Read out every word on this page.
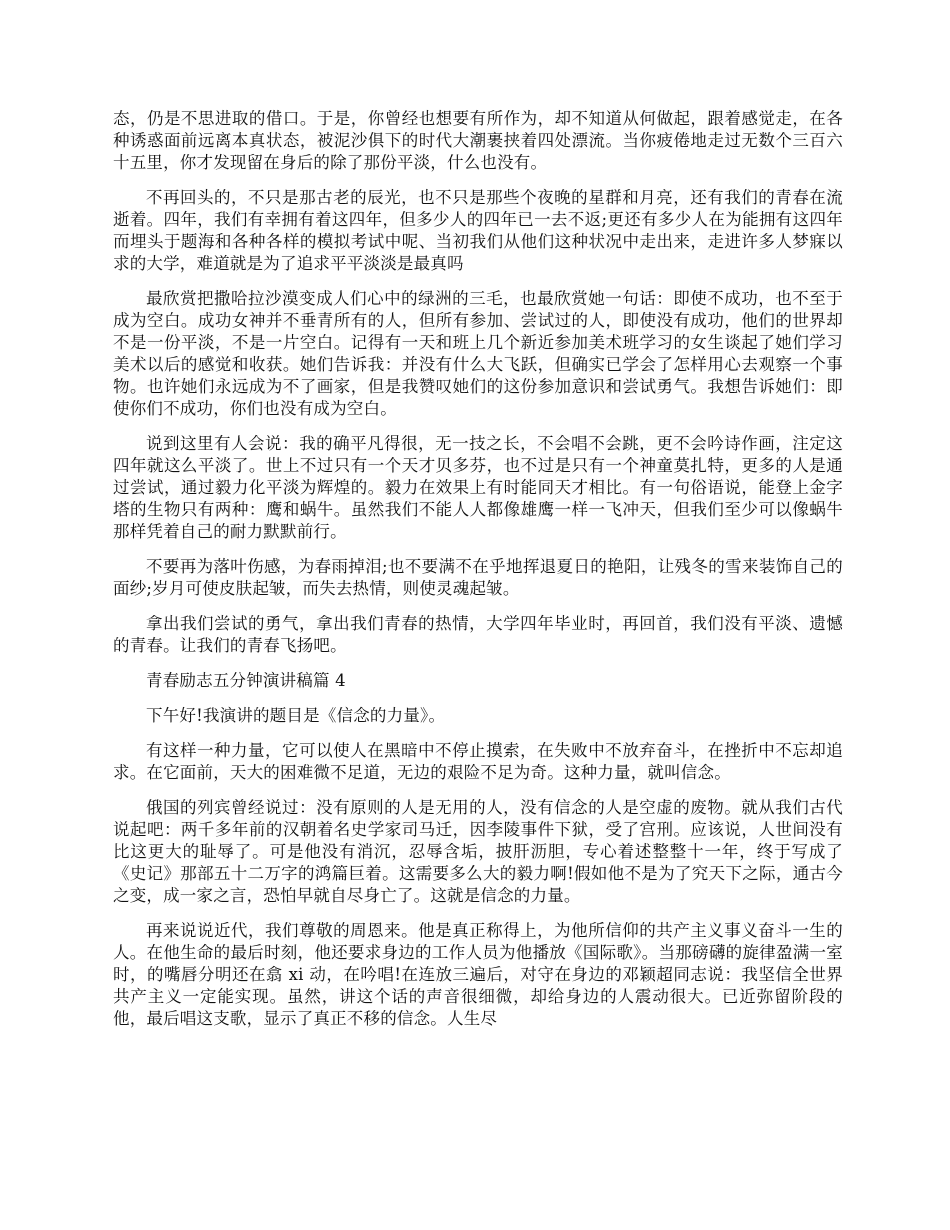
态，仍是不思进取的借口。于是，你曾经也想要有所作为，却不知道从何做起，跟着感觉走，在各种诱惑面前远离本真状态，被泥沙俱下的时代大潮裹挟着四处漂流。当你疲倦地走过无数个三百六十五里，你才发现留在身后的除了那份平淡，什么也没有。

不再回头的，不只是那古老的辰光，也不只是那些个夜晚的星群和月亮，还有我们的青春在流逝着。四年，我们有幸拥有着这四年，但多少人的四年已一去不返;更还有多少人在为能拥有这四年而埋头于题海和各种各样的模拟考试中呢、当初我们从他们这种状况中走出来，走进许多人梦寐以求的大学，难道就是为了追求平平淡淡是最真吗

最欣赏把撒哈拉沙漠变成人们心中的绿洲的三毛，也最欣赏她一句话：即使不成功，也不至于成为空白。成功女神并不垂青所有的人，但所有参加、尝试过的人，即使没有成功，他们的世界却不是一份平淡，不是一片空白。记得有一天和班上几个新近参加美术班学习的女生谈起了她们学习美术以后的感觉和收获。她们告诉我：并没有什么大飞跃，但确实已学会了怎样用心去观察一个事物。也许她们永远成为不了画家，但是我赞叹她们的这份参加意识和尝试勇气。我想告诉她们：即使你们不成功，你们也没有成为空白。

说到这里有人会说：我的确平凡得很，无一技之长，不会唱不会跳，更不会吟诗作画，注定这四年就这么平淡了。世上不过只有一个天才贝多芬，也不过是只有一个神童莫扎特，更多的人是通过尝试，通过毅力化平淡为辉煌的。毅力在效果上有时能同天才相比。有一句俗语说，能登上金字塔的生物只有两种：鹰和蜗牛。虽然我们不能人人都像雄鹰一样一飞冲天，但我们至少可以像蜗牛那样凭着自己的耐力默默前行。

不要再为落叶伤感，为春雨掉泪;也不要满不在乎地挥退夏日的艳阳，让残冬的雪来装饰自己的面纱;岁月可使皮肤起皱，而失去热情，则使灵魂起皱。

拿出我们尝试的勇气，拿出我们青春的热情，大学四年毕业时，再回首，我们没有平淡、遗憾的青春。让我们的青春飞扬吧。

青春励志五分钟演讲稿篇 4

下午好!我演讲的题目是《信念的力量》。

有这样一种力量，它可以使人在黑暗中不停止摸索，在失败中不放弃奋斗，在挫折中不忘却追求。在它面前，天大的困难微不足道，无边的艰险不足为奇。这种力量，就叫信念。

俄国的列宾曾经说过：没有原则的人是无用的人，没有信念的人是空虚的废物。就从我们古代说起吧：两千多年前的汉朝着名史学家司马迁，因李陵事件下狱，受了宫刑。应该说，人世间没有比这更大的耻辱了。可是他没有消沉，忍辱含垢，披肝沥胆，专心着述整整十一年，终于写成了《史记》那部五十二万字的鸿篇巨着。这需要多么大的毅力啊!假如他不是为了究天下之际，通古今之变，成一家之言，恐怕早就自尽身亡了。这就是信念的力量。

再来说说近代，我们尊敬的周恩来。他是真正称得上，为他所信仰的共产主义事义奋斗一生的人。在他生命的最后时刻，他还要求身边的工作人员为他播放《国际歌》。当那磅礴的旋律盈满一室时，的嘴唇分明还在翕 xi 动，在吟唱!在连放三遍后，对守在身边的邓颖超同志说：我坚信全世界共产主义一定能实现。虽然，讲这个话的声音很细微，却给身边的人震动很大。已近弥留阶段的他，最后唱这支歌，显示了真正不移的信念。人生尽
